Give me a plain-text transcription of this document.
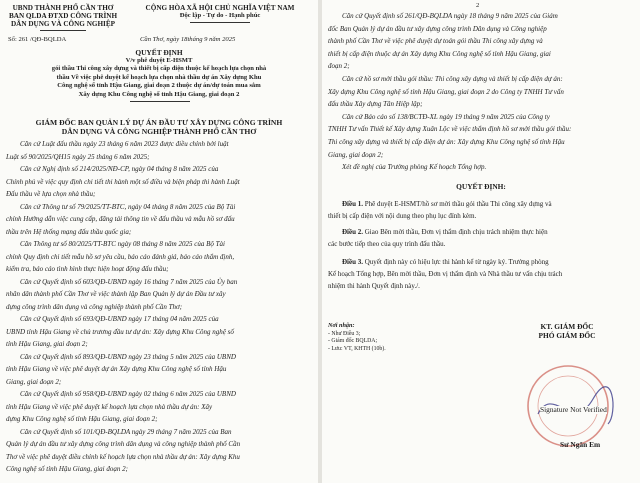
UBND THÀNH PHỐ CẦN THƠ
BAN QLDA ĐTXD CÔNG TRÌNH
DÂN DỤNG VÀ CÔNG NGHIỆP
Số: 261 /QĐ-BQLDA
CỘNG HÒA XÃ HỘI CHỦ NGHĨA VIỆT NAM
Độc lập - Tự do - Hạnh phúc
Cần Thơ, ngày 18tháng 9 năm 2025
QUYẾT ĐỊNH
V/v phê duyệt E-HSMT
gói thầu Thi công xây dựng và thiết bị cấp điện thuộc kế hoạch lựa chọn nhà
thầu Về việc phê duyệt kế hoạch lựa chọn nhà thầu dự án Xây dựng Khu
Công nghệ số tỉnh Hậu Giang, giai đoạn 2 thuộc dự án/dự toán mua sắm
Xây dựng Khu Công nghệ số tỉnh Hậu Giang, giai đoạn 2
GIÁM ĐỐC BAN QUẢN LÝ DỰ ÁN ĐẦU TƯ XÂY DỰNG CÔNG TRÌNH
DÂN DỤNG VÀ CÔNG NGHIỆP THÀNH PHỐ CẦN THƠ
Căn cứ Luật đấu thầu ngày 23 tháng 6 năm 2023 được điều chỉnh bởi luật
Luật số 90/2025/QH15 ngày 25 tháng 6 năm 2025;
Căn cứ Nghị định số 214/2025/NĐ-CP, ngày 04 tháng 8 năm 2025 của
Chính phủ về việc quy định chi tiết thi hành một số điều và biện pháp thi hành Luật
Đấu thầu về lựa chọn nhà thầu;
Căn cứ Thông tư số 79/2025/TT-BTC, ngày 04 tháng 8 năm 2025 của Bộ Tài
chính Hướng dẫn việc cung cấp, đăng tải thông tin về đấu thầu và mẫu hồ sơ đấu
thầu trên Hệ thống mạng đấu thầu quốc gia;
Căn Thông tư số 80/2025/TT-BTC ngày 08 tháng 8 năm 2025 của Bộ Tài
chính Quy định chi tiết mẫu hồ sơ yêu cầu, báo cáo đánh giá, báo cáo thẩm định,
kiểm tra, báo cáo tình hình thực hiện hoạt động đấu thầu;
Căn cứ Quyết định số 603/QĐ-UBND ngày 16 tháng 7 năm 2025 của Ủy ban
nhân dân thành phố Cần Thơ về việc thành lập Ban Quản lý dự án Đầu tư xây
dựng công trình dân dụng và công nghiệp thành phố Cần Thơ;
Căn cứ Quyết định số 693/QĐ-UBND ngày 17 tháng 04 năm 2025 của
UBND tỉnh Hậu Giang về chủ trương đầu tư dự án: Xây dựng Khu Công nghệ số
tỉnh Hậu Giang, giai đoạn 2;
Căn cứ Quyết định số 893/QĐ-UBND ngày 23 tháng 5 năm 2025 của UBND
tỉnh Hậu Giang về việc phê duyệt dự án Xây dựng Khu Công nghệ số tỉnh Hậu
Giang, giai đoạn 2;
Căn cứ Quyết định số 958/QĐ-UBND ngày 02 tháng 6 năm 2025 của UBND
tỉnh Hậu Giang về việc phê duyệt kế hoạch lựa chọn nhà thầu dự án: Xây
dựng Khu Công nghệ số tỉnh Hậu Giang, giai đoạn 2;
Căn cứ Quyết định số 101/QĐ-BQLDA ngày 29 tháng 7 năm 2025 của Ban
Quản lý dự án đầu tư xây dựng công trình dân dụng và công nghiệp thành phố Cần
Thơ về việc phê duyệt điều chỉnh kế hoạch lựa chọn nhà thầu dự án: Xây dựng Khu
Công nghệ số tỉnh Hậu Giang, giai đoạn 2;
2
Căn cứ Quyết định số 261/QĐ-BQLDA ngày 18 tháng 9 năm 2025 của Giám
đốc Ban Quản lý dự án đầu tư xây dựng công trình Dân dụng và Công nghiệp
thành phố Cần Thơ về việc phê duyệt dự toán gói thầu Thi công xây dựng và
thiết bị cấp điện thuộc dự án Xây dựng Khu Công nghệ số tỉnh Hậu Giang, giai
đoạn 2;
Căn cứ hồ sơ mời thầu gói thầu: Thi công xây dựng và thiết bị cấp điện dự án:
Xây dựng Khu Công nghệ số tỉnh Hậu Giang, giai đoạn 2 do Công ty TNHH Tư vấn
đấu thầu Xây dựng Tân Hiệp lập;
Căn cứ Báo cáo số 138/BCTĐ-XL ngày 19 tháng 9 năm 2025 của Công ty
TNHH Tư vấn Thiết kế Xây dựng Xuân Lộc về việc thẩm định hồ sơ mời thầu gói thầu:
Thi công xây dựng và thiết bị cấp điện dự án: Xây dựng Khu Công nghệ số tỉnh Hậu
Giang, giai đoạn 2;
Xét đề nghị của Trưởng phòng Kế hoạch Tổng hợp.
QUYẾT ĐỊNH:
Điều 1. Phê duyệt E-HSMT/hồ sơ mời thầu gói thầu Thi công xây dựng và
thiết bị cấp điện với nội dung theo phụ lục đính kèm.
Điều 2. Giao Bên mời thầu, Đơn vị thẩm định chịu trách nhiệm thực hiện
các bước tiếp theo của quy trình đấu thầu.
Điều 3. Quyết định này có hiệu lực thi hành kể từ ngày ký. Trưởng phòng
Kế hoạch Tổng hợp, Bên mời thầu, Đơn vị thẩm định và Nhà thầu tư vấn chịu trách
nhiệm thi hành Quyết định này./.
Nơi nhận:
- Như Điều 3;
- Giám đốc BQLDA;
- Lưu: VT, KHTH (10b).
KT. GIÁM ĐỐC
PHÓ GIÁM ĐỐC
Signature Not Verified
Sư Ngân Em
